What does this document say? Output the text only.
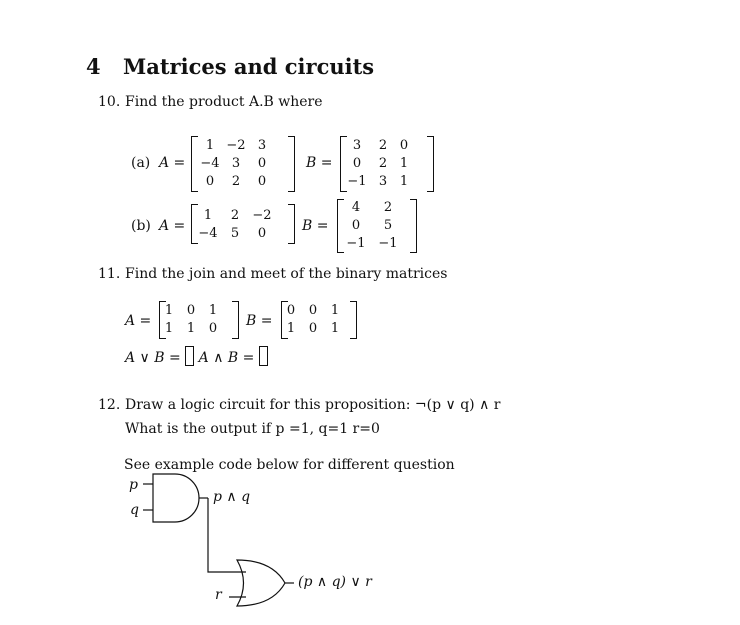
4 Matrices and circuits
10. Find the product A.B where
(a) A =
1 −2 3
−4 3	0
0	2	0
B =
3	2 0
0	2 1
−1 3 1
(b) A =
1	2	−2
−4	5	0	B =
4	2
0	5
−1 −1
11. Find the join and meet of the binary matrices
A =
1	0	1
1	1	0	B =
0	0	1
1	0	1
A ∨ B = A ∧ B =
12. Draw a logic circuit for this proposition: ¬(p ∨ q) ∧ r
What is the output if p =1, q=1 r=0
See example code below for different question
p
q
p ∧ q
r
(p ∧ q) ∨ r
